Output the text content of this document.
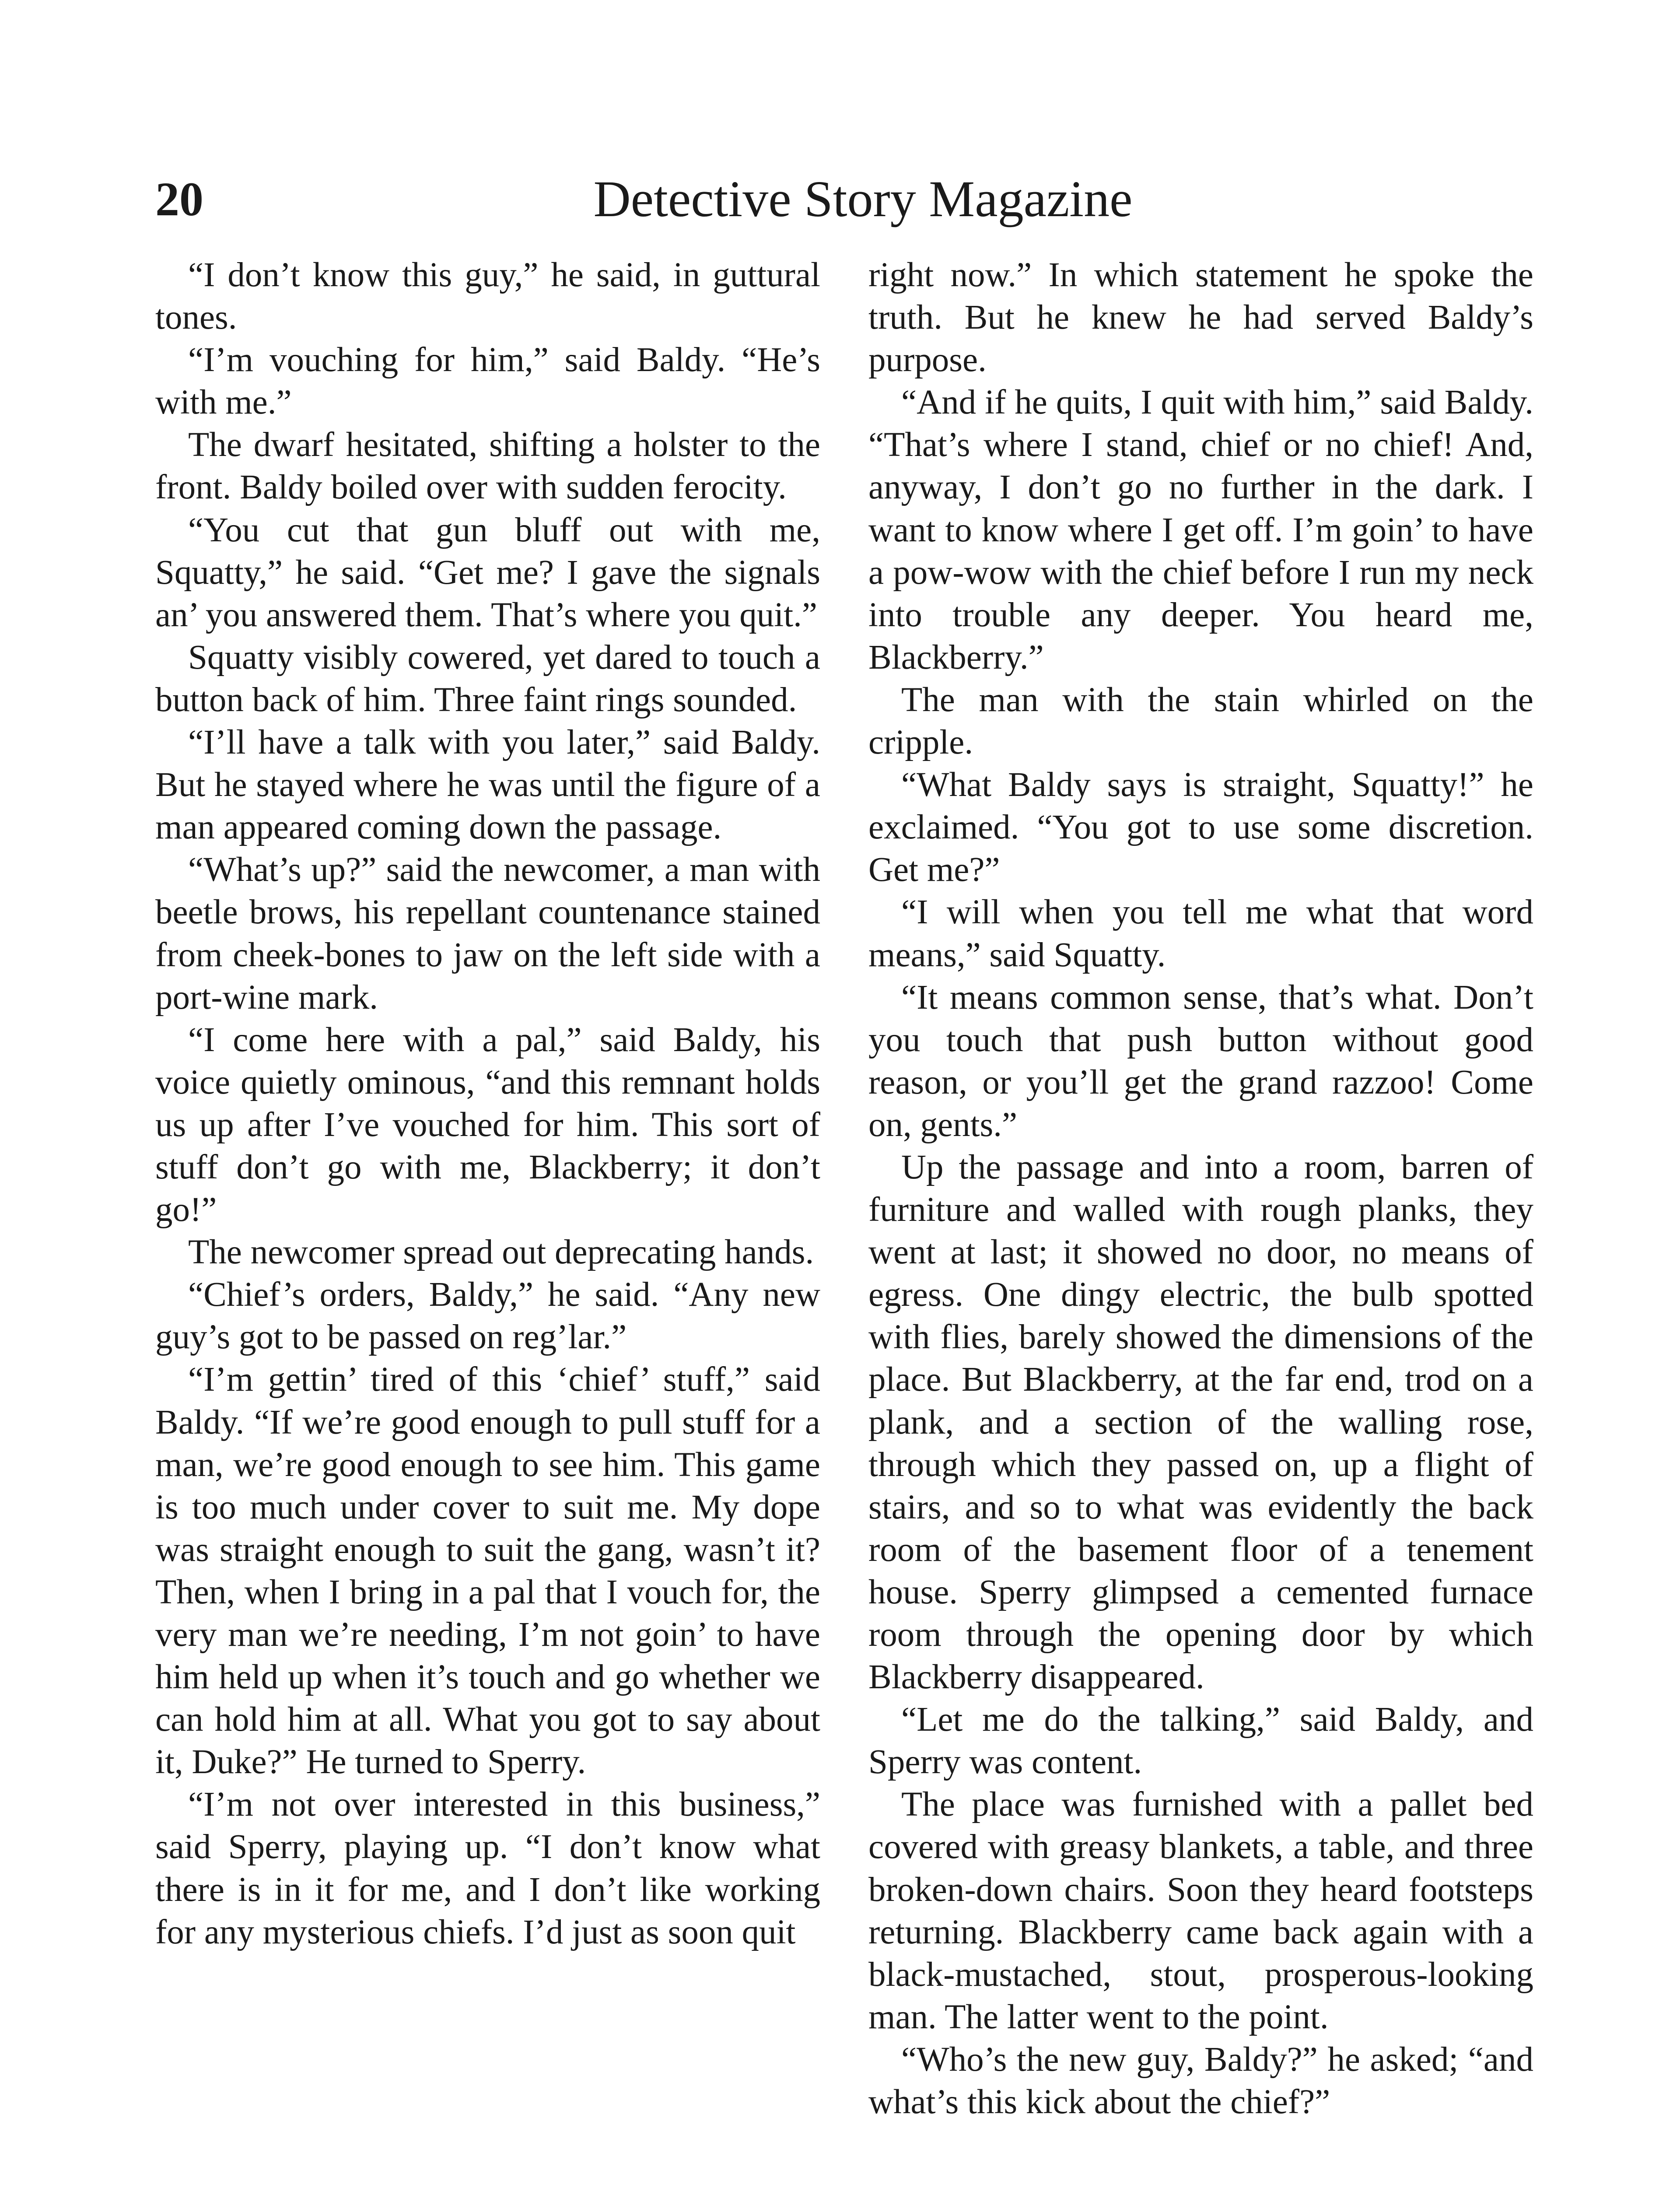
20	Detective Story Magazine

“I don’t know this guy,” he said, in guttural tones.

“I’m vouching for him,” said Baldy. “He’s with me.”

The dwarf hesitated, shifting a holster to the front. Baldy boiled over with sudden ferocity.

“You cut that gun bluff out with me, Squatty,” he said. “Get me? I gave the signals an’ you answered them. That’s where you quit.”

Squatty visibly cowered, yet dared to touch a button back of him. Three faint rings sounded.

“I’ll have a talk with you later,” said Baldy. But he stayed where he was until the figure of a man appeared coming down the passage.

“What’s up?” said the newcomer, a man with beetle brows, his repellant countenance stained from cheek-bones to jaw on the left side with a port-wine mark.

“I come here with a pal,” said Baldy, his voice quietly ominous, “and this remnant holds us up after I’ve vouched for him. This sort of stuff don’t go with me, Blackberry; it don’t go!”

The newcomer spread out deprecating hands.

“Chief’s orders, Baldy,” he said. “Any new guy’s got to be passed on reg’lar.”

“I’m gettin’ tired of this ‘chief’ stuff,” said Baldy. “If we’re good enough to pull stuff for a man, we’re good enough to see him. This game is too much under cover to suit me. My dope was straight enough to suit the gang, wasn’t it? Then, when I bring in a pal that I vouch for, the very man we’re needing, I’m not goin’ to have him held up when it’s touch and go whether we can hold him at all. What you got to say about it, Duke?” He turned to Sperry.

“I’m not over interested in this business,” said Sperry, playing up. “I don’t know what there is in it for me, and I don’t like working for any mysterious chiefs. I’d just as soon quit

right now.” In which statement he spoke the truth. But he knew he had served Baldy’s purpose.

“And if he quits, I quit with him,” said Baldy. “That’s where I stand, chief or no chief! And, anyway, I don’t go no further in the dark. I want to know where I get off. I’m goin’ to have a pow-wow with the chief before I run my neck into trouble any deeper. You heard me, Blackberry.”

The man with the stain whirled on the cripple.

“What Baldy says is straight, Squatty!” he exclaimed. “You got to use some discretion. Get me?”

“I will when you tell me what that word means,” said Squatty.

“It means common sense, that’s what. Don’t you touch that push button without good reason, or you’ll get the grand razzoo! Come on, gents.”

Up the passage and into a room, barren of furniture and walled with rough planks, they went at last; it showed no door, no means of egress. One dingy electric, the bulb spotted with flies, barely showed the dimensions of the place. But Blackberry, at the far end, trod on a plank, and a section of the walling rose, through which they passed on, up a flight of stairs, and so to what was evidently the back room of the basement floor of a tenement house. Sperry glimpsed a cemented furnace room through the opening door by which Blackberry disappeared.

“Let me do the talking,” said Baldy, and Sperry was content.

The place was furnished with a pallet bed covered with greasy blankets, a table, and three broken-down chairs. Soon they heard footsteps returning. Blackberry came back again with a black-mustached, stout, prosperous-looking man. The latter went to the point.

“Who’s the new guy, Baldy?” he asked; “and what’s this kick about the chief?”
